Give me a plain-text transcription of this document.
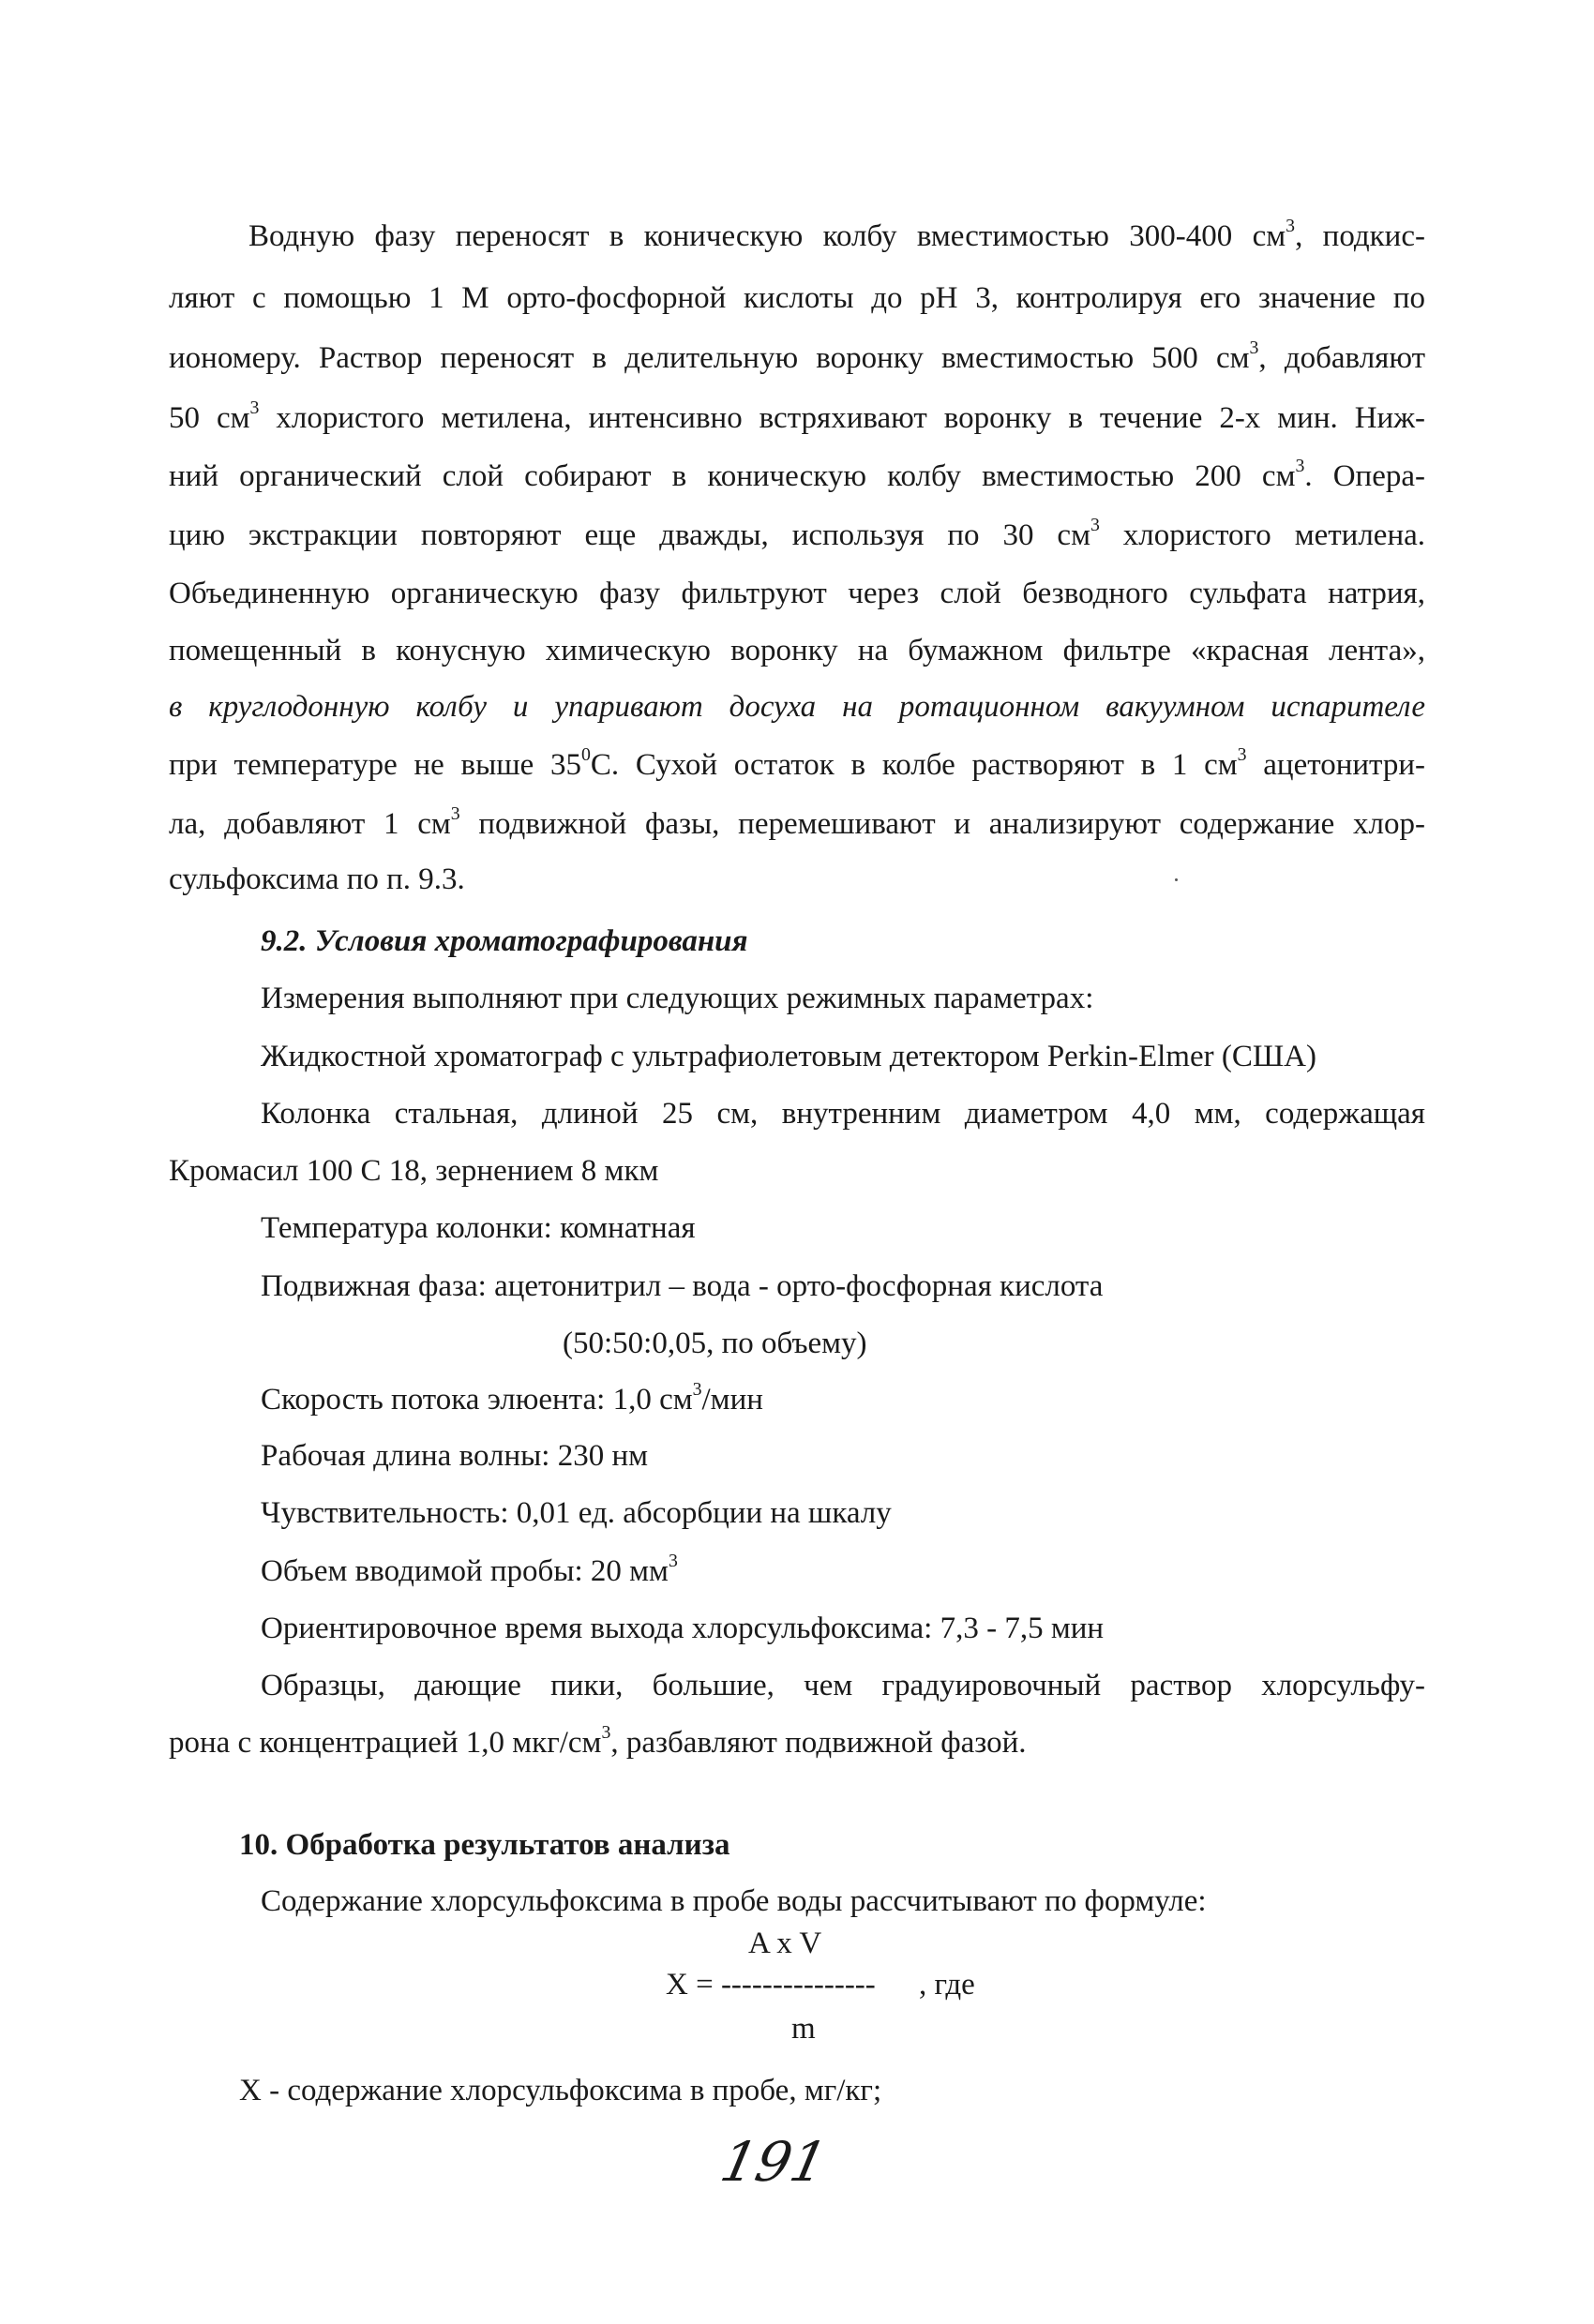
Водную фазу переносят в коническую колбу вместимостью 300-400 $см^3$, подкис-
ляют с помощью 1 М орто-фосфорной кислоты до рН 3, контролируя его значение по
иономеру. Раствор переносят в делительную воронку вместимостью 500 $см^3$, добавляют
50 $см^3$ хлористого метилена, интенсивно встряхивают воронку в течение 2-х мин. Ниж-
ний органический слой собирают в коническую колбу вместимостью 200 $см^3$. Опера-
цию экстракции повторяют еще дважды, используя по 30 $см^3$ хлористого метилена.
Объединенную органическую фазу фильтруют через слой безводного сульфата натрия,
помещенный в конусную химическую воронку на бумажном фильтре «красная лента»,
в круглодонную колбу и упаривают досуха на ротационном вакуумном испарителе
при температуре не выше $35^0С$. Сухой остаток в колбе растворяют в 1 $см^3$ ацетонитри-
ла, добавляют 1 $см^3$ подвижной фазы, перемешивают и анализируют содержание хлор-
сульфоксима по п. 9.3.
9.2. Условия хроматографирования
Измерения выполняют при следующих режимных параметрах:
Жидкостной хроматограф с ультрафиолетовым детектором Perkin-Elmer (США)
Колонка стальная, длиной 25 см, внутренним диаметром 4,0 мм, содержащая
Кромасил 100 С 18, зернением 8 мкм
Температура колонки: комнатная
Подвижная фаза: ацетонитрил – вода - орто-фосфорная кислота
(50:50:0,05, по объему)
Скорость потока элюента: 1,0 $см^3$/мин
Рабочая длина волны: 230 нм
Чувствительность: 0,01 ед. абсорбции на шкалу
Объем вводимой пробы: 20 $мм^3$
Ориентировочное время выхода хлорсульфоксима: 7,3 - 7,5 мин
Образцы, дающие пики, большие, чем градуировочный раствор хлорсульфу-
рона с концентрацией 1,0 мкг/$см^3$, разбавляют подвижной фазой.
10. Обработка результатов анализа
Содержание хлорсульфоксима в пробе воды рассчитывают по формуле:
A x V
X = --------------- , где
m
X - содержание хлорсульфоксима в пробе, мг/кг;
191
